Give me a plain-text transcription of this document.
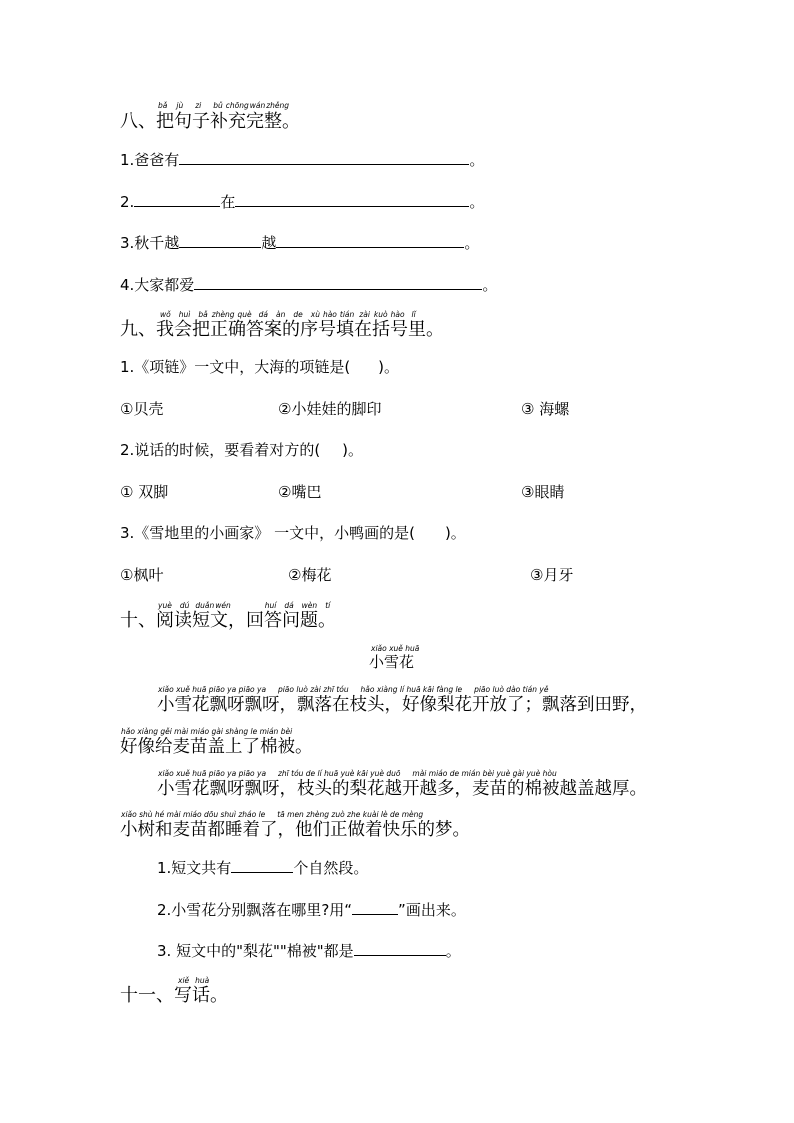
bǎ jù zi bǔ chōngwánzhěng
八、把句子补充完整。
1.爸爸有	。
2.	在	。
3.秋千越	越	。
4.大家都爱	。
wǒ huì bǎ zhèng què dá àn de xù hào tián zài kuò hào lǐ
九、我会把正确答案的序号填在括号里。
1.《项链》一文中，大海的项链是( )。
①贝壳	②小娃娃的脚印	③ 海螺
2.说话的时候，要看着对方的( )。
① 双脚	②嘴巴	③眼睛
3.《雪地里的小画家》 一文中，小鸭画的是( )。
①枫叶	②梅花	③月牙
yuè dú duǎnwén	huí dá wèn tí
十、阅读短文，回答问题。
xiǎo xuě huā
小雪花
xiǎo xuě huā piāo ya piāo ya     piāo luò zài zhī tóu     hǎo xiàng lí huā kāi fàng le     piāo luò dào tián yě
小雪花飘呀飘呀，飘落在枝头，好像梨花开放了；飘落到田野，
hǎo xiàng gěi mài miáo gài shàng le mián bèi
好像给麦苗盖上了棉被。
xiǎo xuě huā piāo ya piāo ya     zhī tóu de lí huā yuè kāi yuè duō     mài miáo de mián bèi yuè gài yuè hòu
小雪花飘呀飘呀，枝头的梨花越开越多，麦苗的棉被越盖越厚。
xiǎo shù hé mài miáo dōu shuì zháo le     tā men zhèng zuò zhe kuài lè de mèng
小树和麦苗都睡着了，他们正做着快乐的梦。
1.短文共有	个自然段。
2.小雪花分别飘落在哪里?用“	”画出来。
3. 短文中的"梨花""棉被"都是	。
xiě huà
十一、写话。
